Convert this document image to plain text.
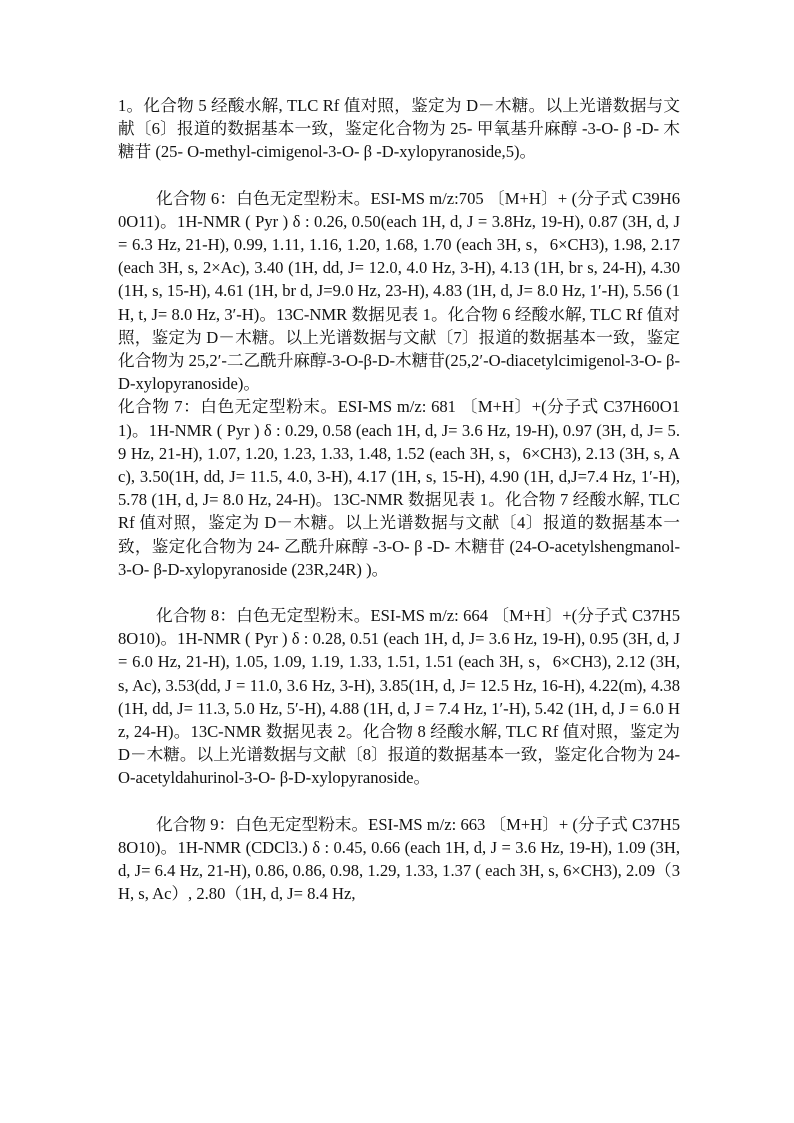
1。化合物 5 经酸水解, TLC Rf 值对照，鉴定为 D－木糖。以上光谱数据与文献〔6〕报道的数据基本一致，鉴定化合物为 25- 甲氧基升麻醇 -3-O- β -D- 木糖苷 (25- O-methyl-cimigenol-3-O- β -D-xylopyranoside,5)。

化合物 6：白色无定型粉末。ESI-MS m/z:705 〔M+H〕+ (分子式 C39H60O11)。1H-NMR ( Pyr ) δ : 0.26, 0.50(each 1H, d, J = 3.8Hz, 19-H), 0.87 (3H, d, J = 6.3 Hz, 21-H), 0.99, 1.11, 1.16, 1.20, 1.68, 1.70 (each 3H, s，6×CH3), 1.98, 2.17 (each 3H, s, 2×Ac), 3.40 (1H, dd, J= 12.0, 4.0 Hz, 3-H), 4.13 (1H, br s, 24-H), 4.30 (1H, s, 15-H), 4.61 (1H, br d, J=9.0 Hz, 23-H), 4.83 (1H, d, J= 8.0 Hz, 1′-H), 5.56 (1H, t, J= 8.0 Hz, 3′-H)。13C-NMR 数据见表 1。化合物 6 经酸水解, TLC Rf 值对照，鉴定为 D－木糖。以上光谱数据与文献〔7〕报道的数据基本一致，鉴定化合物为 25,2′-二乙酰升麻醇-3-O-β-D-木糖苷(25,2′-O-diacetylcimigenol-3-O- β-D-xylopyranoside)。

化合物 7：白色无定型粉末。ESI-MS m/z: 681 〔M+H〕+(分子式 C37H60O11)。1H-NMR ( Pyr ) δ : 0.29, 0.58 (each 1H, d, J= 3.6 Hz, 19-H), 0.97 (3H, d, J= 5.9 Hz, 21-H), 1.07, 1.20, 1.23, 1.33, 1.48, 1.52 (each 3H, s，6×CH3), 2.13 (3H, s, Ac), 3.50(1H, dd, J= 11.5, 4.0, 3-H), 4.17 (1H, s, 15-H), 4.90 (1H, d,J=7.4 Hz, 1′-H), 5.78 (1H, d, J= 8.0 Hz, 24-H)。13C-NMR 数据见表 1。化合物 7 经酸水解, TLC Rf 值对照，鉴定为 D－木糖。以上光谱数据与文献〔4〕报道的数据基本一致，鉴定化合物为 24- 乙酰升麻醇 -3-O- β -D- 木糖苷 (24-O-acetylshengmanol-3-O- β-D-xylopyranoside (23R,24R) )。

化合物 8：白色无定型粉末。ESI-MS m/z: 664 〔M+H〕+(分子式 C37H58O10)。1H-NMR ( Pyr ) δ : 0.28, 0.51 (each 1H, d, J= 3.6 Hz, 19-H), 0.95 (3H, d, J= 6.0 Hz, 21-H), 1.05, 1.09, 1.19, 1.33, 1.51, 1.51 (each 3H, s，6×CH3), 2.12 (3H, s, Ac), 3.53(dd, J = 11.0, 3.6 Hz, 3-H), 3.85(1H, d, J= 12.5 Hz, 16-H), 4.22(m), 4.38 (1H, dd, J= 11.3, 5.0 Hz, 5′-H), 4.88 (1H, d, J = 7.4 Hz, 1′-H), 5.42 (1H, d, J = 6.0 Hz, 24-H)。13C-NMR 数据见表 2。化合物 8 经酸水解, TLC Rf 值对照，鉴定为 D－木糖。以上光谱数据与文献〔8〕报道的数据基本一致，鉴定化合物为 24-O-acetyldahurinol-3-O- β-D-xylopyranoside。

化合物 9：白色无定型粉末。ESI-MS m/z: 663 〔M+H〕+ (分子式 C37H58O10)。1H-NMR (CDCl3.) δ : 0.45, 0.66 (each 1H, d, J = 3.6 Hz, 19-H), 1.09 (3H, d, J= 6.4 Hz, 21-H), 0.86, 0.86, 0.98, 1.29, 1.33, 1.37 ( each 3H, s, 6×CH3), 2.09（3H, s, Ac）, 2.80（1H, d, J= 8.4 Hz,
